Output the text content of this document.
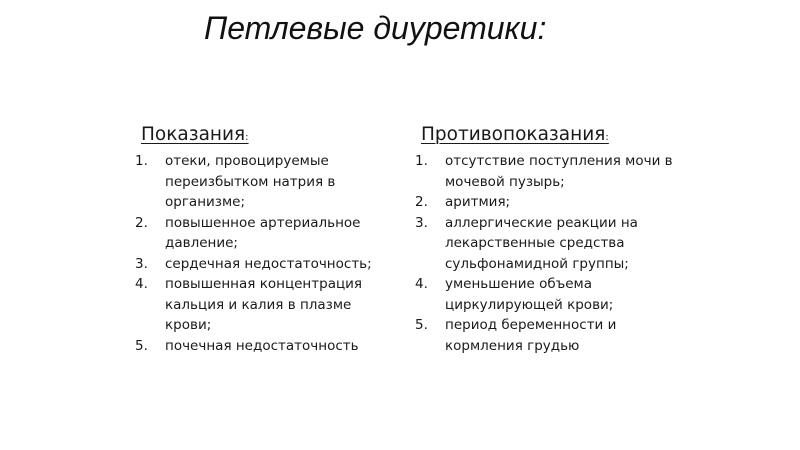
Петлевые диуретики:
Показания:
1. отеки, провоцируемые переизбытком натрия в организме;
2. повышенное артериальное давление;
3. сердечная недостаточность;
4. повышенная концентрация кальция и калия в плазме крови;
5. почечная недостаточность
Противопоказания:
1. отсутствие поступления мочи в мочевой пузырь;
2. аритмия;
3. аллергические реакции на лекарственные средства сульфонамидной группы;
4. уменьшение объема циркулирующей крови;
5. период беременности и кормления грудью
